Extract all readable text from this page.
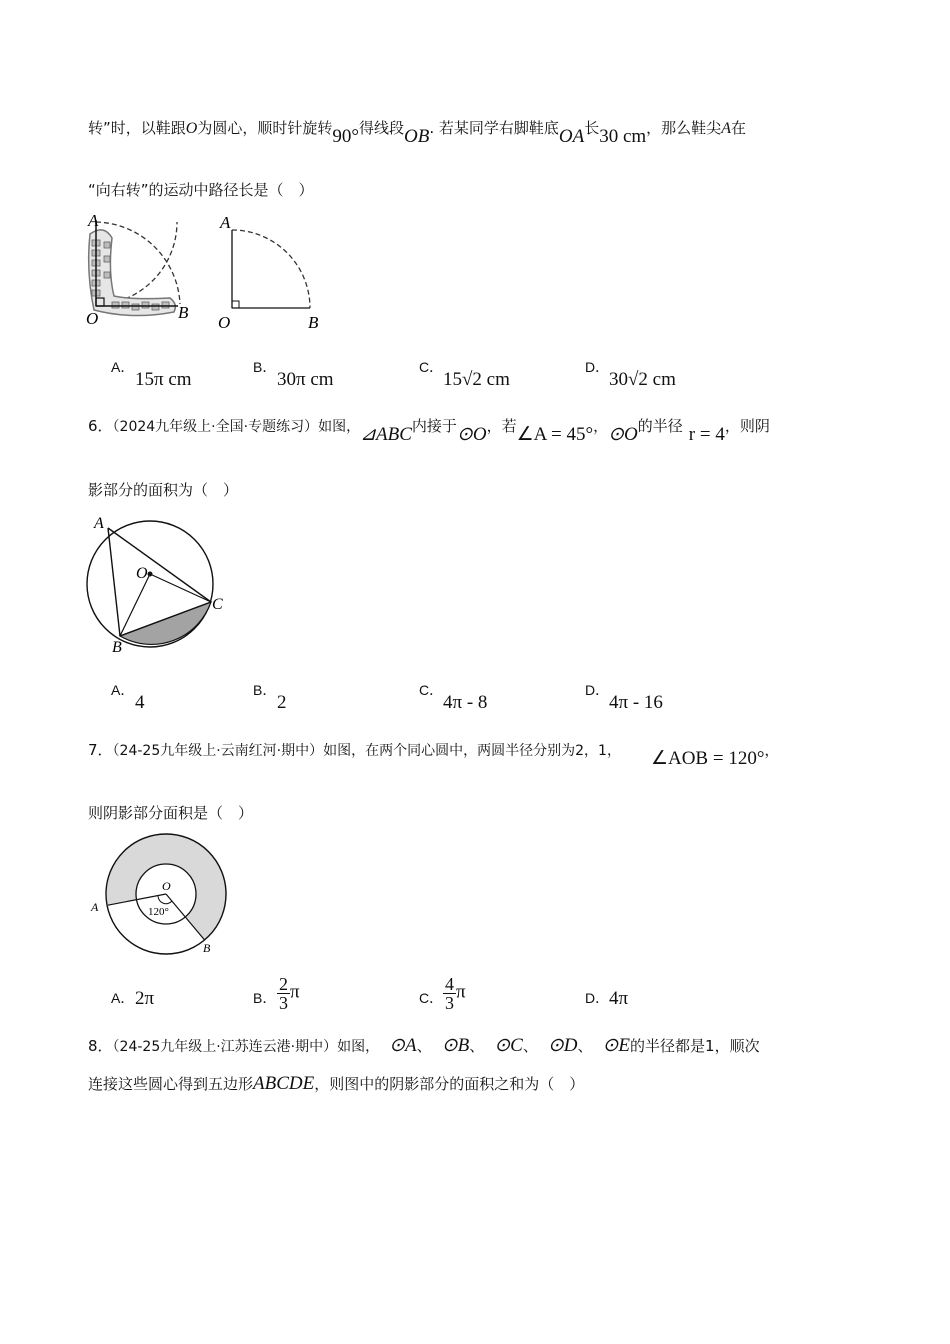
转”时，以鞋跟O为圆心，顺时针旋转90°得线段OB. 若某同学右脚鞋底OA长30 cm，那么鞋尖A在
“向右转”的运动中路径长是（　）
A
O	B
A
O	B
A．
15π cm
B．
30π cm
C．
15√2 cm
D．
30√2 cm
6．（2024九年级上·全国·专题练习）如图，⊿ABC内接于⊙O，若∠A = 45°，⊙O的半径 r = 4，则阴
影部分的面积为（　）
A
O
B
C
A．
4
B．
2
C．
4π - 8
D．
4π - 16
7．（24-25九年级上·云南红河·期中）如图，在两个同心圆中，两圆半径分别为2，1， ∠AOB = 120°，
则阴影部分面积是（　）
O
A
B
120°
A． 2π	B． $\frac{2}{3}$ π	C． $\frac{4}{3}$ π	D． 4π
8．（24-25九年级上·江苏连云港·期中）如图， ⊙A、 ⊙B、 ⊙C、 ⊙D、 ⊙E的半径都是1，顺次
连接这些圆心得到五边形ABCDE，则图中的阴影部分的面积之和为（　）
